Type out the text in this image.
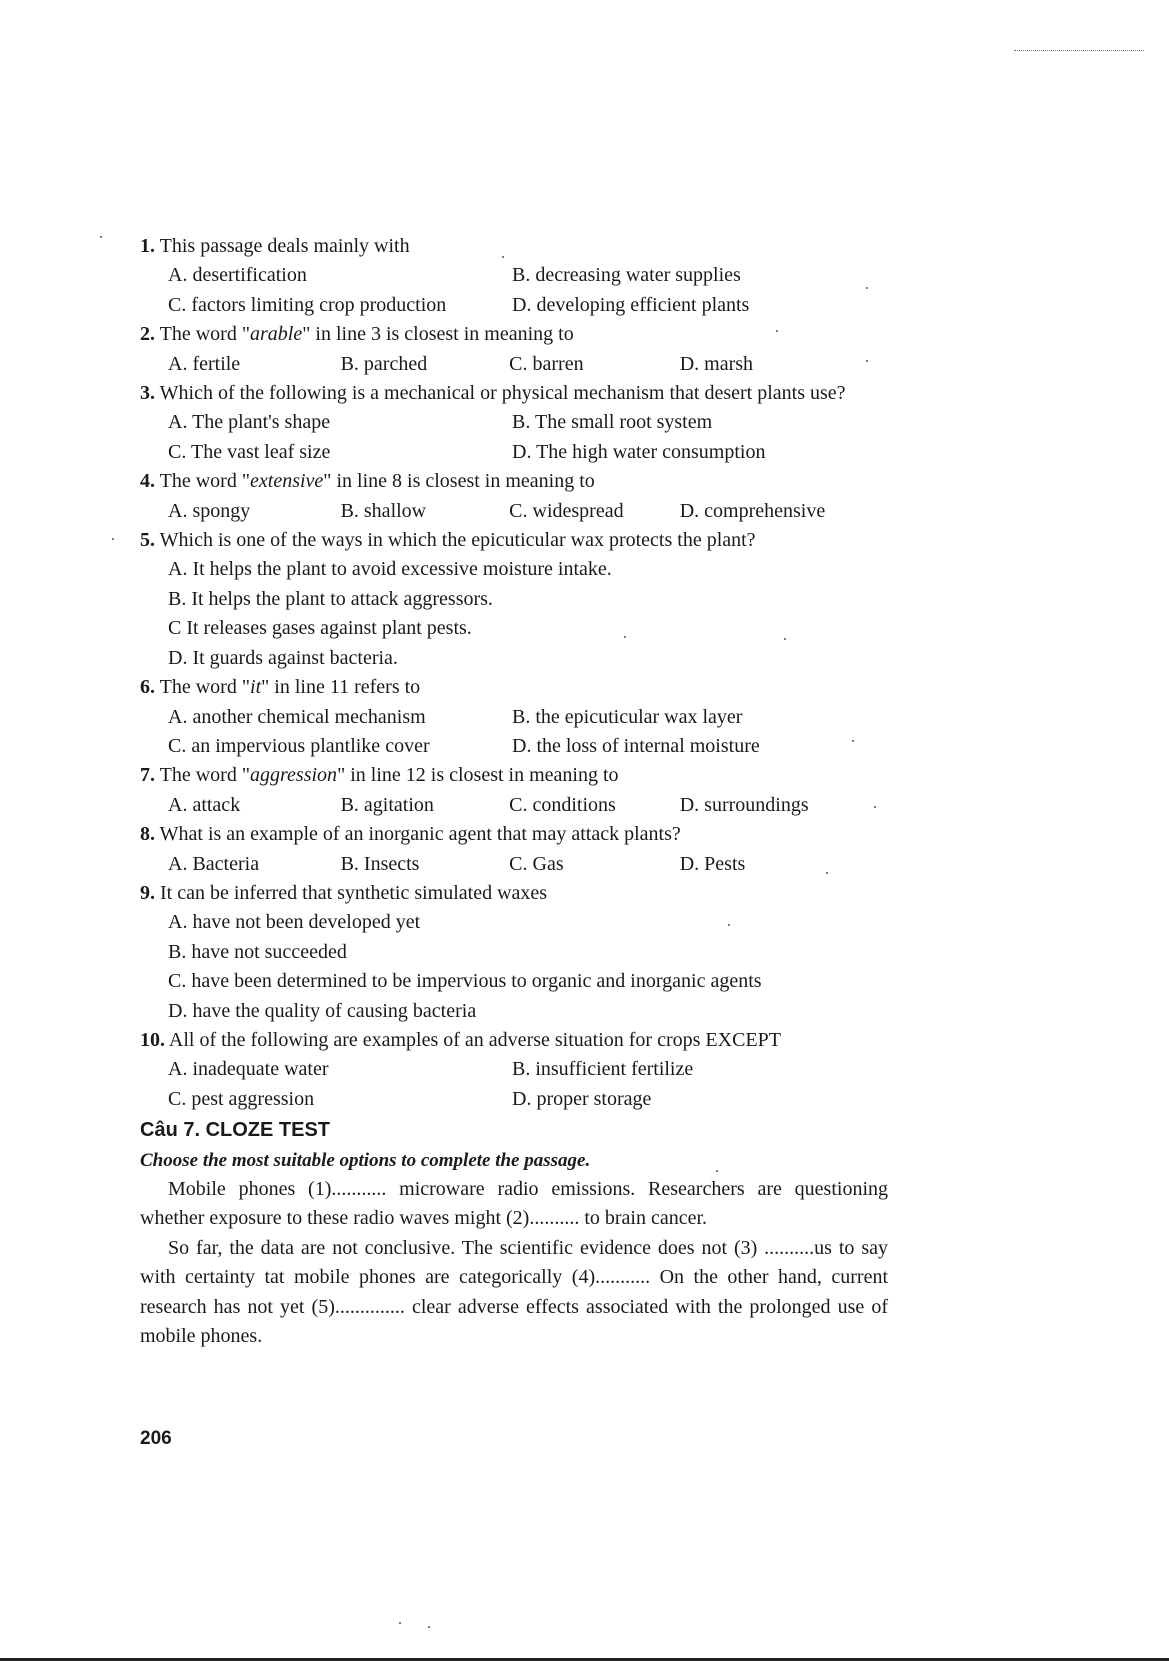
1. This passage deals mainly with
A. desertification	B. decreasing water supplies
C. factors limiting crop production	D. developing efficient plants
2. The word "arable" in line 3 is closest in meaning to
A. fertile	B. parched	C. barren	D. marsh
3. Which of the following is a mechanical or physical mechanism that desert plants use?
A. The plant's shape	B. The small root system
C. The vast leaf size	D. The high water consumption
4. The word "extensive" in line 8 is closest in meaning to
A. spongy	B. shallow	C. widespread	D. comprehensive
5. Which is one of the ways in which the epicuticular wax protects the plant?
A. It helps the plant to avoid excessive moisture intake.
B. It helps the plant to attack aggressors.
C It releases gases against plant pests.
D. It guards against bacteria.
6. The word "it" in line 11 refers to
A. another chemical mechanism	B. the epicuticular wax layer
C. an impervious plantlike cover	D. the loss of internal moisture
7. The word "aggression" in line 12 is closest in meaning to
A. attack	B. agitation	C. conditions	D. surroundings
8. What is an example of an inorganic agent that may attack plants?
A. Bacteria	B. Insects	C. Gas	D. Pests
9. It can be inferred that synthetic simulated waxes
A. have not been developed yet
B. have not succeeded
C. have been determined to be impervious to organic and inorganic agents
D. have the quality of causing bacteria
10. All of the following are examples of an adverse situation for crops EXCEPT
A. inadequate water	B. insufficient fertilize
C. pest aggression	D. proper storage
Câu 7. CLOZE TEST
Choose the most suitable options to complete the passage.

Mobile phones (1)........... microware radio emissions. Researchers are questioning whether exposure to these radio waves might (2).......... to brain cancer.

So far, the data are not conclusive. The scientific evidence does not (3) ..........us to say with certainty tat mobile phones are categorically (4)........... On the other hand, current research has not yet (5).............. clear adverse effects associated with the prolonged use of mobile phones.

206
